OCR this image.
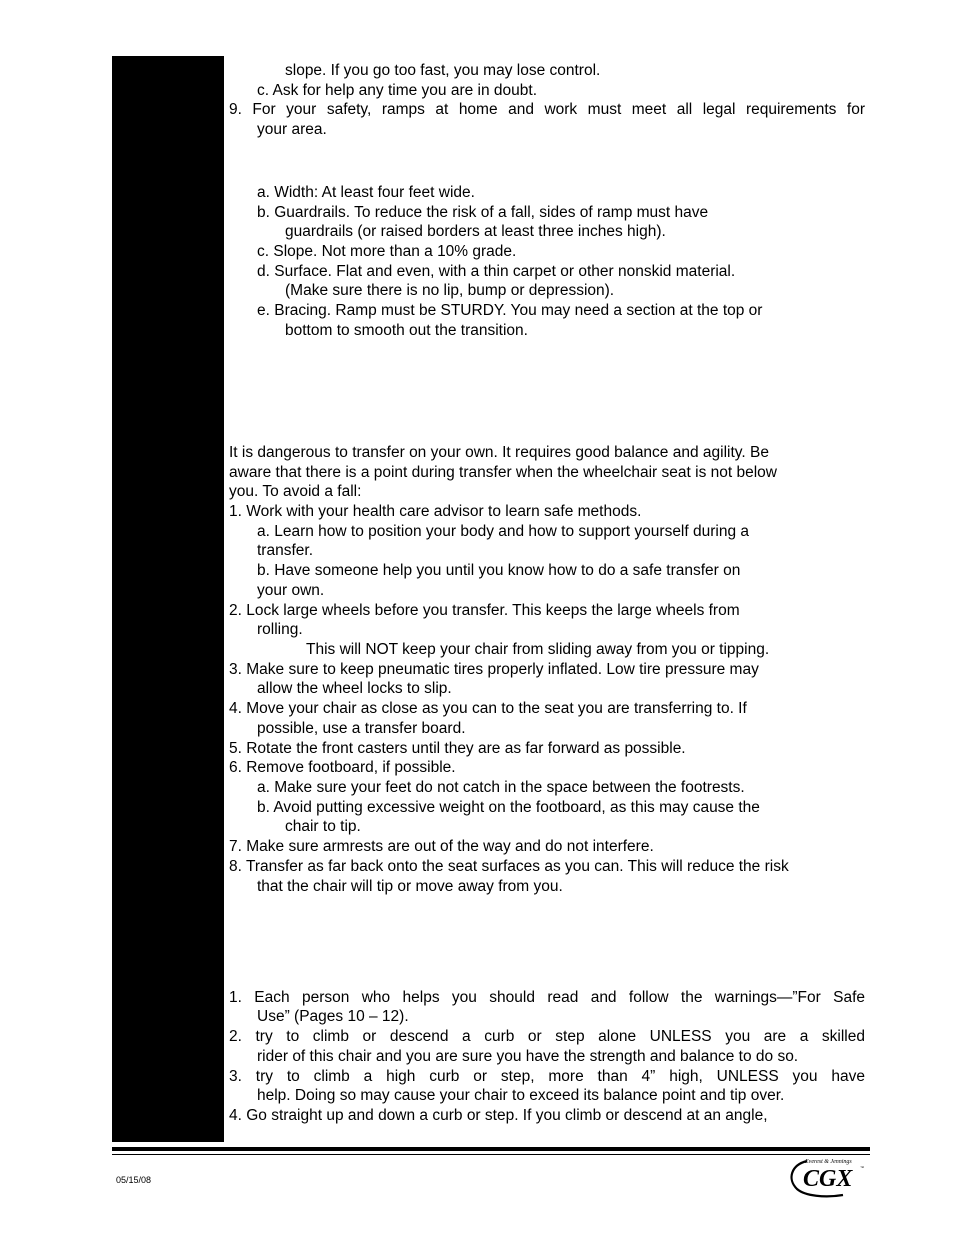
slope. If you go too fast, you may lose control.
c. Ask for help any time you are in doubt.
9. For your safety, ramps at home and work must meet all legal requirements for
your area.
a. Width: At least four feet wide.
b. Guardrails. To reduce the risk of a fall, sides of ramp must have
guardrails (or raised borders at least three inches high).
c. Slope. Not more than a 10% grade.
d. Surface. Flat and even, with a thin carpet or other nonskid material.
(Make sure there is no lip, bump or depression).
e. Bracing. Ramp must be STURDY. You may need a section at the top or
bottom to smooth out the transition.
It is dangerous to transfer on your own. It requires good balance and agility. Be
aware that there is a point during transfer when the wheelchair seat is not below
you. To avoid a fall:
1. Work with your health care advisor to learn safe methods.
a. Learn how to position your body and how to support yourself during a
transfer.
b. Have someone help you until you know how to do a safe transfer on
your own.
2. Lock large wheels before you transfer. This keeps the large wheels from
rolling.
This will NOT keep your chair from sliding away from you or tipping.
3. Make sure to keep pneumatic tires properly inflated. Low tire pressure may
allow the wheel locks to slip.
4. Move your chair as close as you can to the seat you are transferring to. If
possible, use a transfer board.
5. Rotate the front casters until they are as far forward as possible.
6. Remove footboard, if possible.
a. Make sure your feet do not catch in the space between the footrests.
b. Avoid putting excessive weight on the footboard, as this may cause the
chair to tip.
7. Make sure armrests are out of the way and do not interfere.
8. Transfer as far back onto the seat surfaces as you can. This will reduce the risk
that the chair will tip or move away from you.
1. Each person who helps you should read and follow the warnings—”For Safe
Use” (Pages 10 – 12).
2. try to climb or descend a curb or step alone UNLESS you are a skilled
rider of this chair and you are sure you have the strength and balance to do so.
3. try to climb a high curb or step, more than 4” high, UNLESS you have
help. Doing so may cause your chair to exceed its balance point and tip over.
4. Go straight up and down a curb or step. If you climb or descend at an angle,
05/15/08
Everest & Jennings
CGX ™
